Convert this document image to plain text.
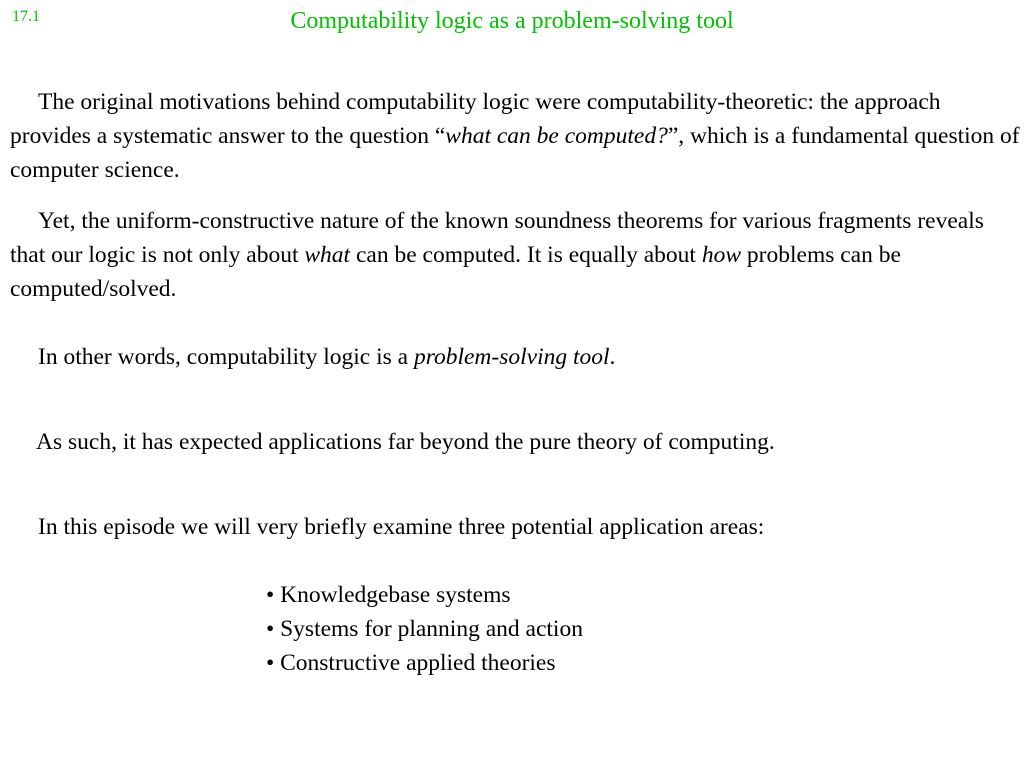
17.1	Computability logic as a problem-solving tool

The original motivations behind computability logic were computability-theoretic: the approach provides a systematic answer to the question “what can be computed?”, which is a fundamental question of computer science.

Yet, the uniform-constructive nature of the known soundness theorems for various fragments reveals that our logic is not only about what can be computed. It is equally about how problems can be computed/solved.

In other words, computability logic is a problem-solving tool.

As such, it has expected applications far beyond the pure theory of computing.

In this episode we will very briefly examine three potential application areas:

• Knowledgebase systems
• Systems for planning and action
• Constructive applied theories
